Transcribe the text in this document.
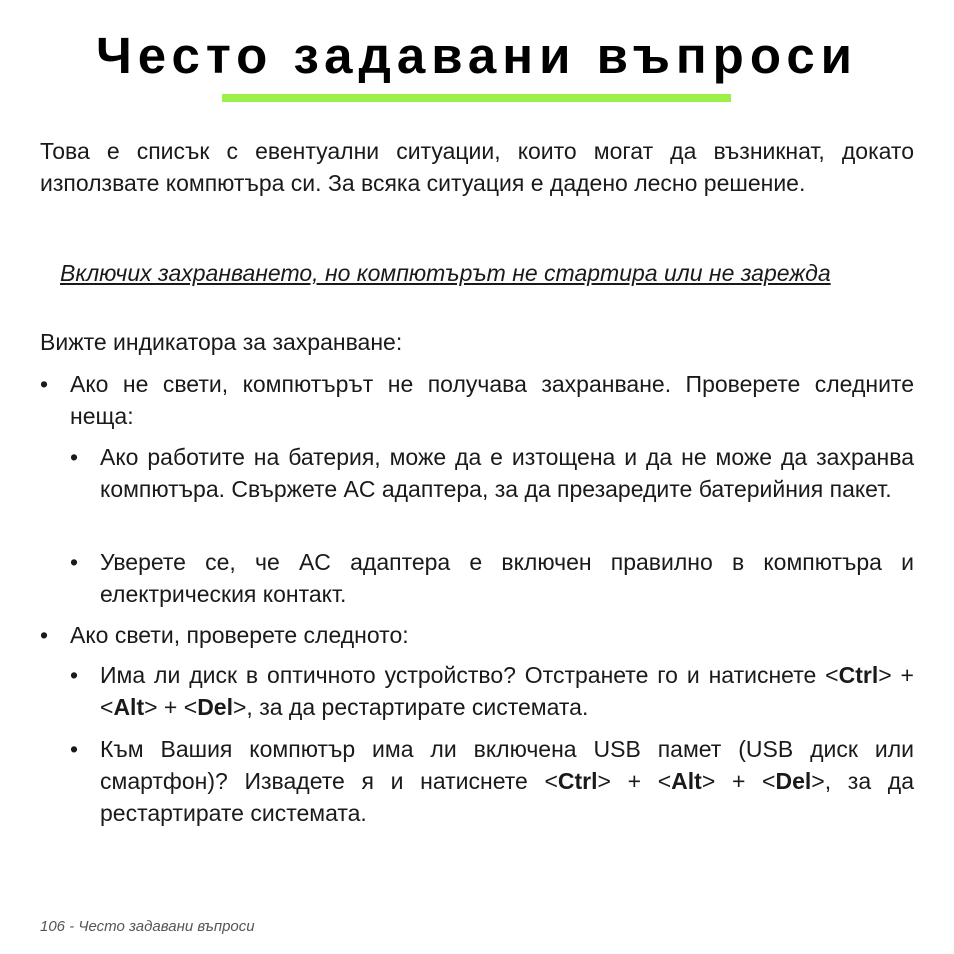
Често задавани въпроси

Това е списък с евентуални ситуации, които могат да възникнат, докато използвате компютъра си. За всяка ситуация е дадено лесно решение.

Включих захранването, но компютърът не стартира или не зарежда

Вижте индикатора за захранване:

• Ако не свети, компютърът не получава захранване. Проверете следните неща:

• Ако работите на батерия, може да е изтощена и да не може да захранва компютъра. Свържете AC адаптера, за да презаредите батерийния пакет.

• Уверете се, че AC адаптера е включен правилно в компютъра и електрическия контакт.

• Ако свети, проверете следното:

• Има ли диск в оптичното устройство? Отстранете го и натиснете <Ctrl> + <Alt> + <Del>, за да рестартирате системата.

• Към Вашия компютър има ли включена USB памет (USB диск или смартфон)? Извадете я и натиснете <Ctrl> + <Alt> + <Del>, за да рестартирате системата.

106 - Често задавани въпроси
